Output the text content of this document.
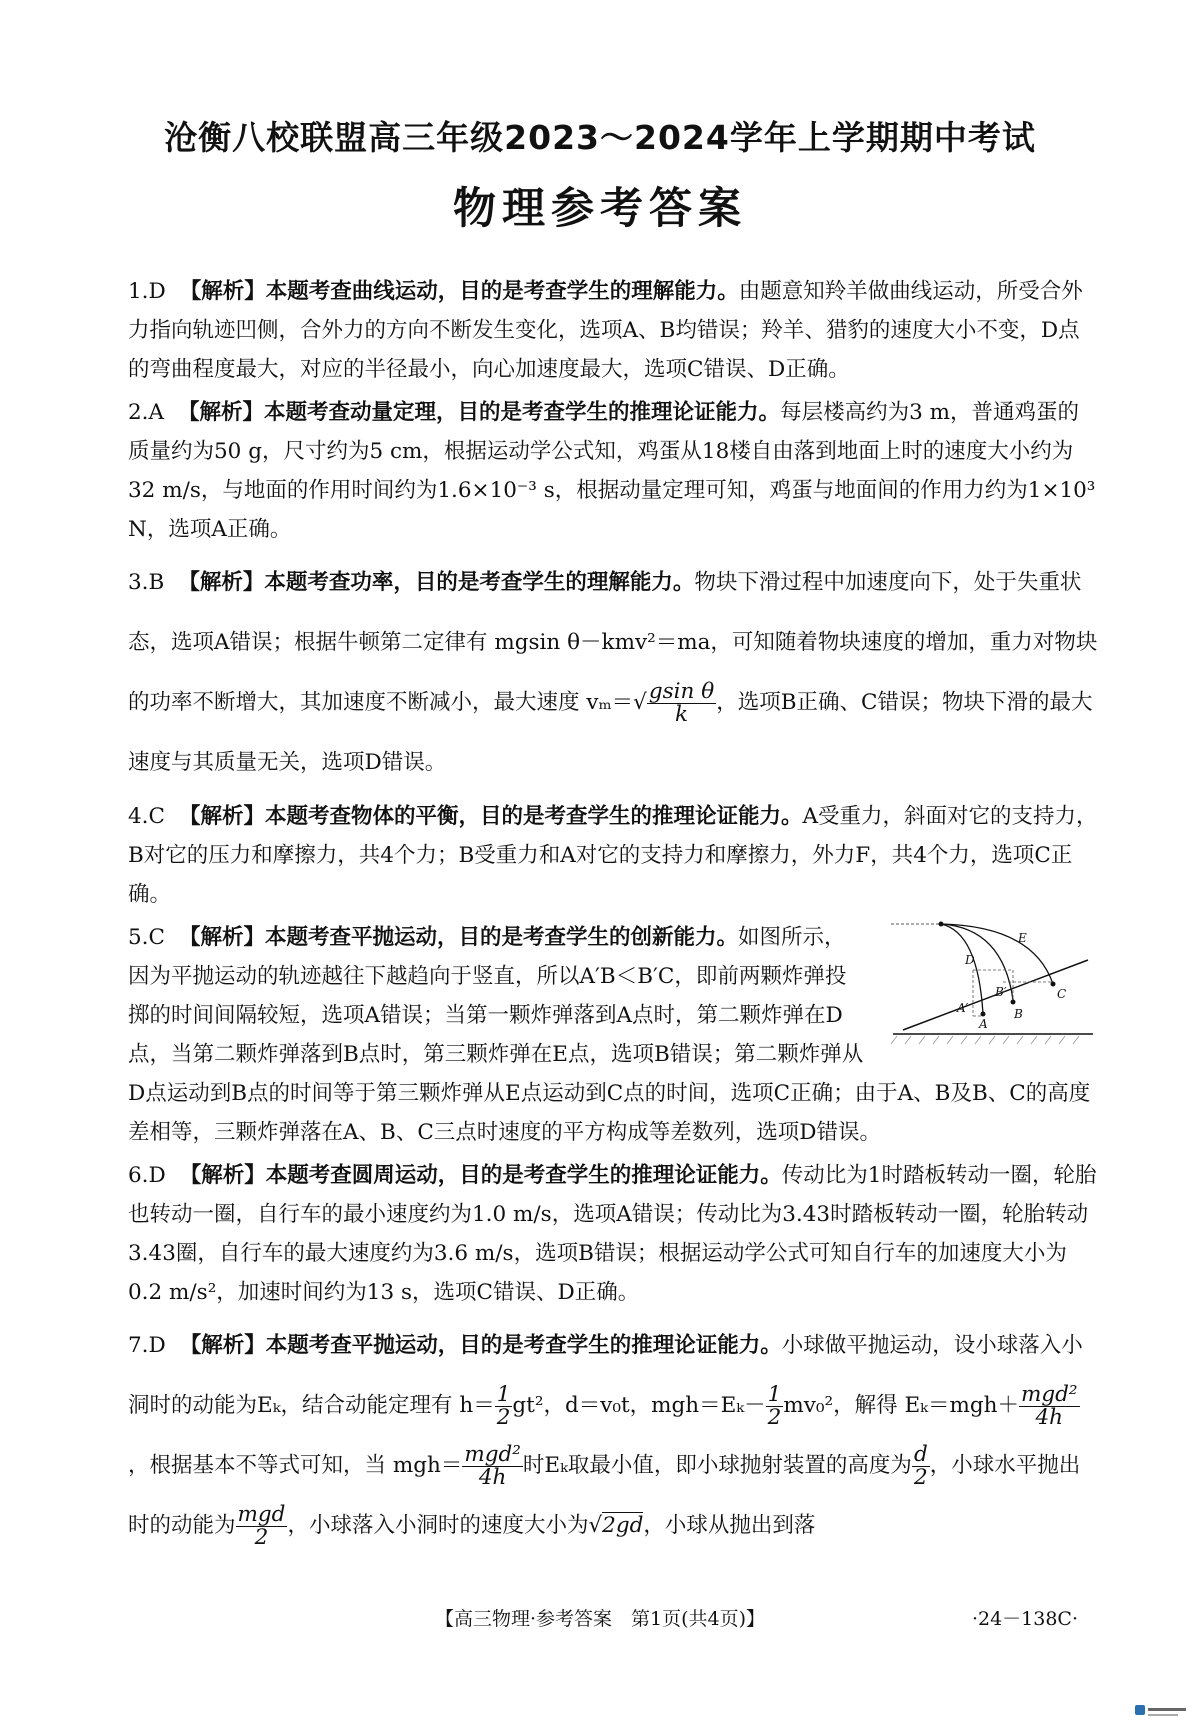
沧衡八校联盟高三年级2023～2024学年上学期期中考试
物理参考答案
1.D 【解析】本题考查曲线运动，目的是考查学生的理解能力。由题意知羚羊做曲线运动，所受合外力指向轨迹凹侧，合外力的方向不断发生变化，选项A、B均错误；羚羊、猎豹的速度大小不变，D点的弯曲程度最大，对应的半径最小，向心加速度最大，选项C错误、D正确。
2.A 【解析】本题考查动量定理，目的是考查学生的推理论证能力。每层楼高约为3 m，普通鸡蛋的质量约为50 g，尺寸约为5 cm，根据运动学公式知，鸡蛋从18楼自由落到地面上时的速度大小约为32 m/s，与地面的作用时间约为1.6×10⁻³ s，根据动量定理可知，鸡蛋与地面间的作用力约为1×10³ N，选项A正确。
3.B 【解析】本题考查功率，目的是考查学生的理解能力。物块下滑过程中加速度向下，处于失重状态，选项A错误；根据牛顿第二定律有 mgsin θ－kmv²＝ma，可知随着物块速度的增加，重力对物块的功率不断增大，其加速度不断减小，最大速度 $v_m=√ \frac{\text{gsin θ}}{k}$ ，选项B正确、C错误；物块下滑的最大速度与其质量无关，选项D错误。
4.C 【解析】本题考查物体的平衡，目的是考查学生的推理论证能力。A受重力，斜面对它的支持力，B对它的压力和摩擦力，共4个力；B受重力和A对它的支持力和摩擦力，外力F，共4个力，选项C正确。
D
E
B′	C
A′
A
B
5.C 【解析】本题考查平抛运动，目的是考查学生的创新能力。如图所示，因为平抛运动的轨迹越往下越趋向于竖直，所以A′B＜B′C，即前两颗炸弹投掷的时间间隔较短，选项A错误；当第一颗炸弹落到A点时，第二颗炸弹在D点，当第二颗炸弹落到B点时，第三颗炸弹在E点，选项B错误；第二颗炸弹从D点运动到B点的时间等于第三颗炸弹从E点运动到C点的时间，选项C正确；由于A、B及B、C的高度差相等，三颗炸弹落在A、B、C三点时速度的平方构成等差数列，选项D错误。
6.D 【解析】本题考查圆周运动，目的是考查学生的推理论证能力。传动比为1时踏板转动一圈，轮胎也转动一圈，自行车的最小速度约为1.0 m/s，选项A错误；传动比为3.43时踏板转动一圈，轮胎转动3.43圈，自行车的最大速度约为3.6 m/s，选项B错误；根据运动学公式可知自行车的加速度大小为0.2 m/s²，加速时间约为13 s，选项C错误、D正确。
7.D 【解析】本题考查平抛运动，目的是考查学生的推理论证能力。小球做平抛运动，设小球落入小洞时的动能为Eₖ，结合动能定理有 $h= \frac{1}{2} gt^2$，d＝v₀t，$mgh=E_k- \frac{1}{2} mv_0^2$，解得 $E_k=mgh+ \frac{\text{mgd²}}{4h}$
，根据基本不等式可知，当 $mgh= \frac{\text{mgd²}}{4h}$ 时Eₖ取最小值，即小球抛射装置的高度为 $\frac{d}{2}$ ，小球水平抛出时的动能为 $\frac{\text{mgd}}{2}$ ，小球落入小洞时的速度大小为√2gd，小球从抛出到落
【高三物理·参考答案　第1页(共4页)】	·24－138C·
